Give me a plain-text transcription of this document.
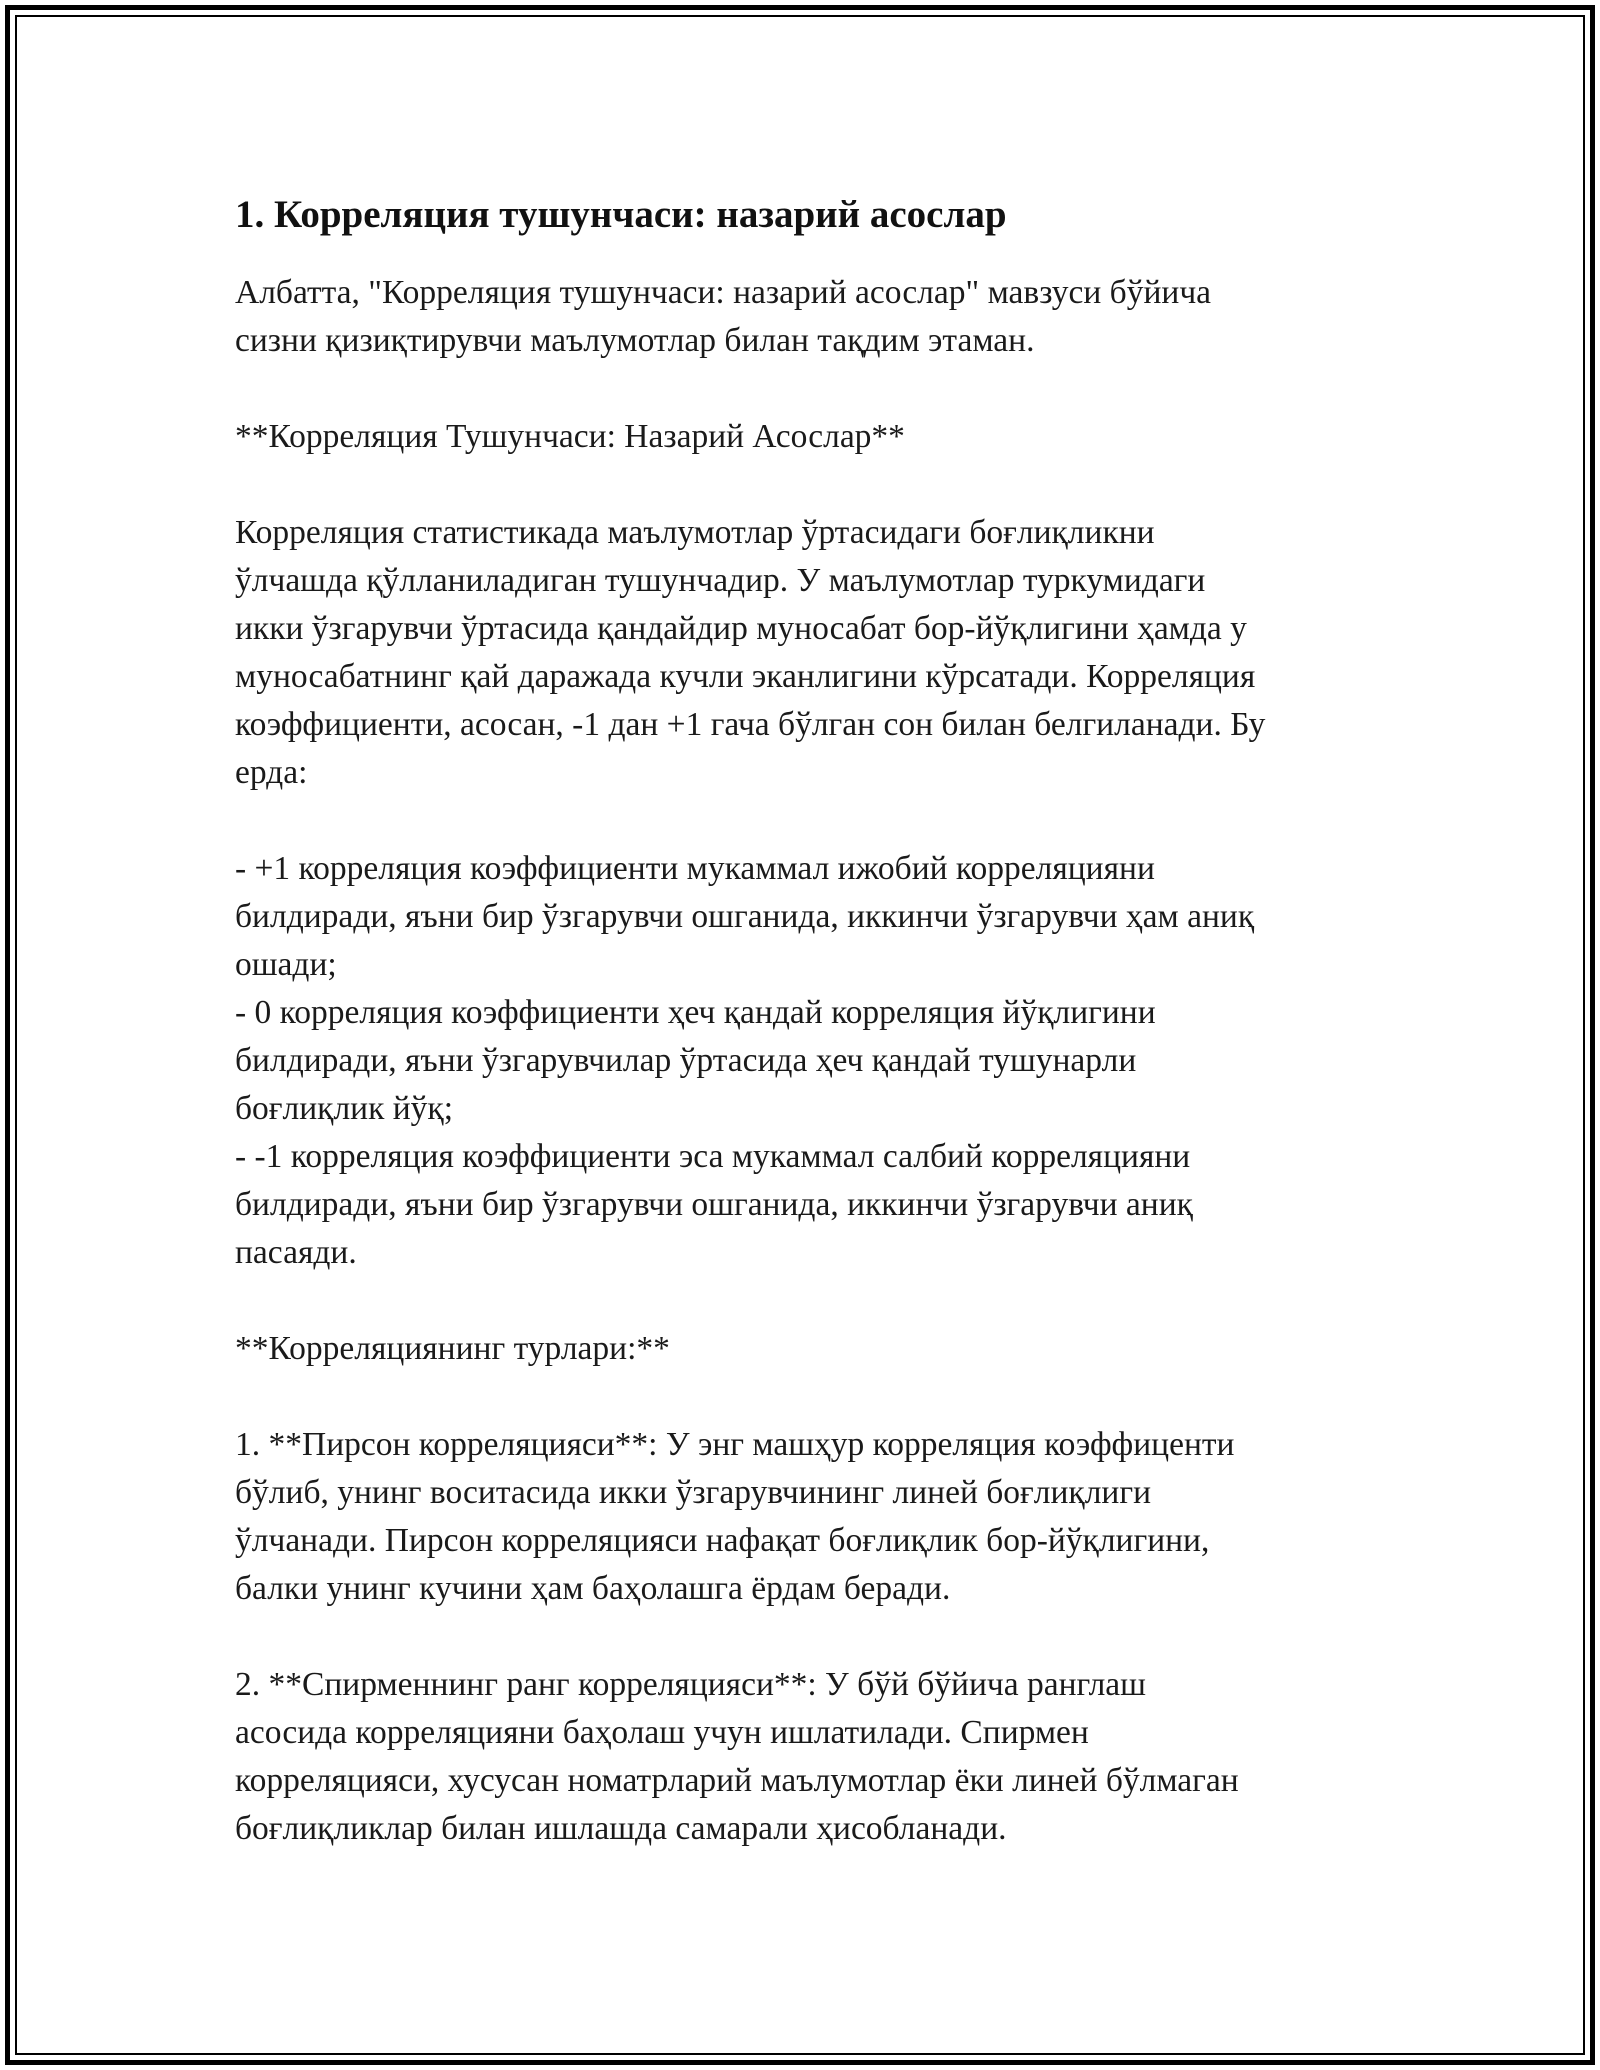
1. Корреляция тушунчаси: назарий асослар

Албатта, "Корреляция тушунчаси: назарий асослар" мавзуси бўйича
сизни қизиқтирувчи маълумотлар билан тақдим этаман.

**Корреляция Тушунчаси: Назарий Асослар**

Корреляция статистикада маълумотлар ўртасидаги боғлиқликни
ўлчашда қўлланиладиган тушунчадир. У маълумотлар туркумидаги
икки ўзгарувчи ўртасида қандайдир муносабат бор-йўқлигини ҳамда у
муносабатнинг қай даражада кучли эканлигини кўрсатади. Корреляция
коэффициенти, асосан, -1 дан +1 гача бўлган сон билан белгиланади. Бу
ерда:

- +1 корреляция коэффициенти мукаммал ижобий корреляцияни
билдиради, яъни бир ўзгарувчи ошганида, иккинчи ўзгарувчи ҳам аниқ
ошади;
- 0 корреляция коэффициенти ҳеч қандай корреляция йўқлигини
билдиради, яъни ўзгарувчилар ўртасида ҳеч қандай тушунарли
боғлиқлик йўқ;
- -1 корреляция коэффициенти эса мукаммал салбий корреляцияни
билдиради, яъни бир ўзгарувчи ошганида, иккинчи ўзгарувчи аниқ
пасаяди.

**Корреляциянинг турлари:**

1. **Пирсон корреляцияси**: У энг машҳур корреляция коэффиценти
бўлиб, унинг воситасида икки ўзгарувчининг линей боғлиқлиги
ўлчанади. Пирсон корреляцияси нафақат боғлиқлик бор-йўқлигини,
балки унинг кучини ҳам баҳолашга ёрдам беради.

2. **Спирменнинг ранг корреляцияси**: У бўй бўйича ранглаш
асосида корреляцияни баҳолаш учун ишлатилади. Спирмен
корреляцияси, хусусан номатрларий маълумотлар ёки линей бўлмаган
боғлиқликлар билан ишлашда самарали ҳисобланади.
